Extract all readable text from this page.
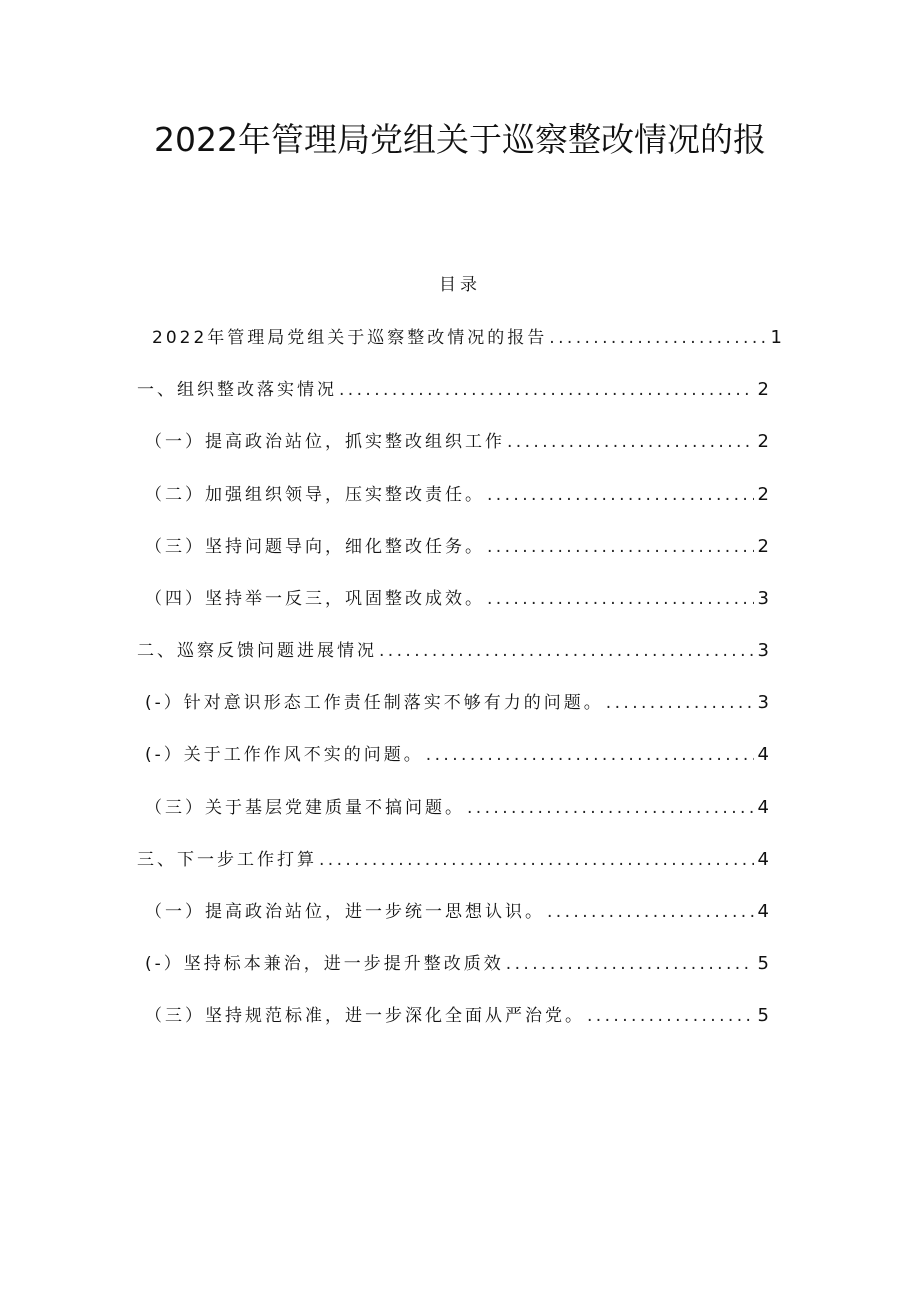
2022年管理局党组关于巡察整改情况的报
目录
2022年管理局党组关于巡察整改情况的报告 . . .	1
一、组织整改落实情况 . . .	2
（一）提高政治站位，抓实整改组织工作 . . .	2
（二）加强组织领导，压实整改责任。 . . .	2
（三）坚持问题导向，细化整改任务。 . . .	2
（四）坚持举一反三，巩固整改成效。 . . .	3
二、巡察反馈问题进展情况 . . .	3
(-）针对意识形态工作责任制落实不够有力的问题。 . . .	3
(-）关于工作作风不实的问题。 . . .	4
（三）关于基层党建质量不搞问题。 . . .	4
三、下一步工作打算 . . .	4
（一）提高政治站位，进一步统一思想认识。 . . .	4
(-）坚持标本兼治，进一步提升整改质效 . . .	5
（三）坚持规范标准，进一步深化全面从严治党。 . . .	5
